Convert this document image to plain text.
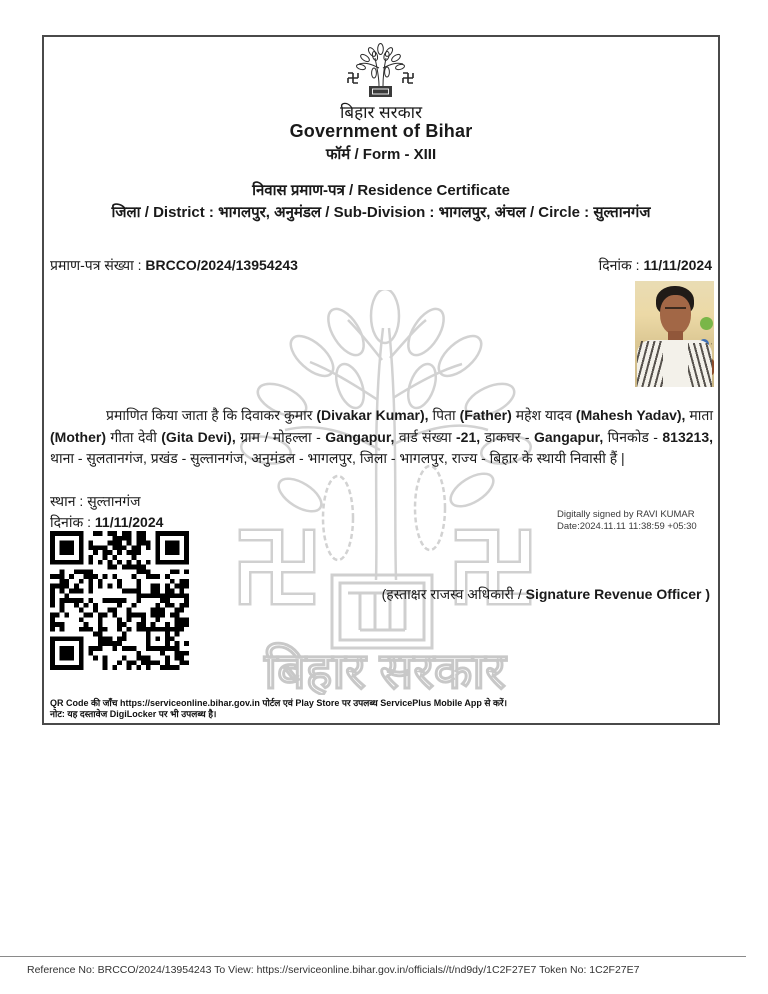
बिहार सरकार
बिहार सरकार
Government of Bihar
फॉर्म / Form - XIII
निवास प्रमाण-पत्र / Residence Certificate
जिला / District : भागलपुर, अनुमंडल / Sub-Division : भागलपुर, अंचल / Circle : सुल्तानगंज
प्रमाण-पत्र संख्या : BRCCO/2024/13954243	दिनांक : 11/11/2024
प्रमाणित किया जाता है कि दिवाकर कुमार (Divakar Kumar), पिता (Father) महेश यादव (Mahesh Yadav), माता (Mother) गीता देवी (Gita Devi), ग्राम / मोहल्ला - Gangapur, वार्ड संख्या -21, डाकघर - Gangapur, पिनकोड - 813213, थाना - सुलतानगंज, प्रखंड - सुल्तानगंज, अनुमंडल - भागलपुर, जिला - भागलपुर, राज्य - बिहार के स्थायी निवासी हैं |
स्थान : सुल्तानगंज
दिनांक : 11/11/2024	Digitally signed by RAVI KUMAR
Date:2024.11.11 11:38:59 +05:30
(हस्ताक्षर राजस्व अधिकारी / Signature Revenue Officer )
QR Code की जाँच https://serviceonline.bihar.gov.in पोर्टल एवं Play Store पर उपलब्ध ServicePlus Mobile App से करें।
नोट: यह दस्तावेज DigiLocker पर भी उपलब्ध है।
Reference No: BRCCO/2024/13954243 To View: https://serviceonline.bihar.gov.in/officials//t/nd9dy/1C2F27E7 Token No: 1C2F27E7
